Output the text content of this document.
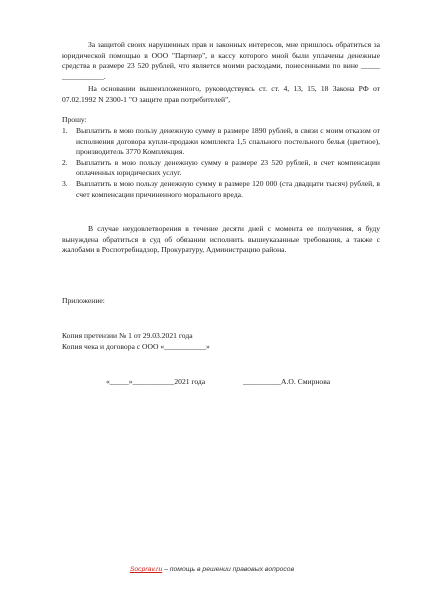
За защитой своих нарушенных прав и законных интересов, мне пришлось обратиться за юридической помощью в ООО "Партнер", в кассу которого мной были уплачены денежные средства в размере 23 520 рублей, что является моими расходами, понесенными по вине _____ ___________.

На основании вышеизложенного, руководствуясь ст. ст. 4, 13, 15, 18 Закона РФ от 07.02.1992 N 2300-1 "О защите прав потребителей",

Прошу:

1. Выплатить в мою пользу денежную сумму в размере 1890 рублей, в связи с моим отказом от исполнения договора купли-продажи комплекта 1,5 спального постельного белья (цветное), производитель 3770 Комплекция.
2. Выплатить в мою пользу денежную сумму в размере 23 520 рублей, в счет компенсации оплаченных юридических услуг.
3. Выплатить в мою пользу денежную сумму в размере 120 000 (ста двадцати тысяч) рублей, в счет компенсации причиненного морального вреда.

В случае неудовлетворения в течение десяти дней с момента ее получения, я буду вынуждена обратиться в суд об обязании исполнить вышеуказанные требования, а также с жалобами в Роспотребнадзор, Прокуратуру, Администрацию района.

Приложение:

Копия претензии № 1 от 29.03.2021 года

Копия чека и договора с ООО «___________»

«_____»___________2021 года	__________А.О. Смирнова

Socprav.ru – помощь в решении правовых вопросов
